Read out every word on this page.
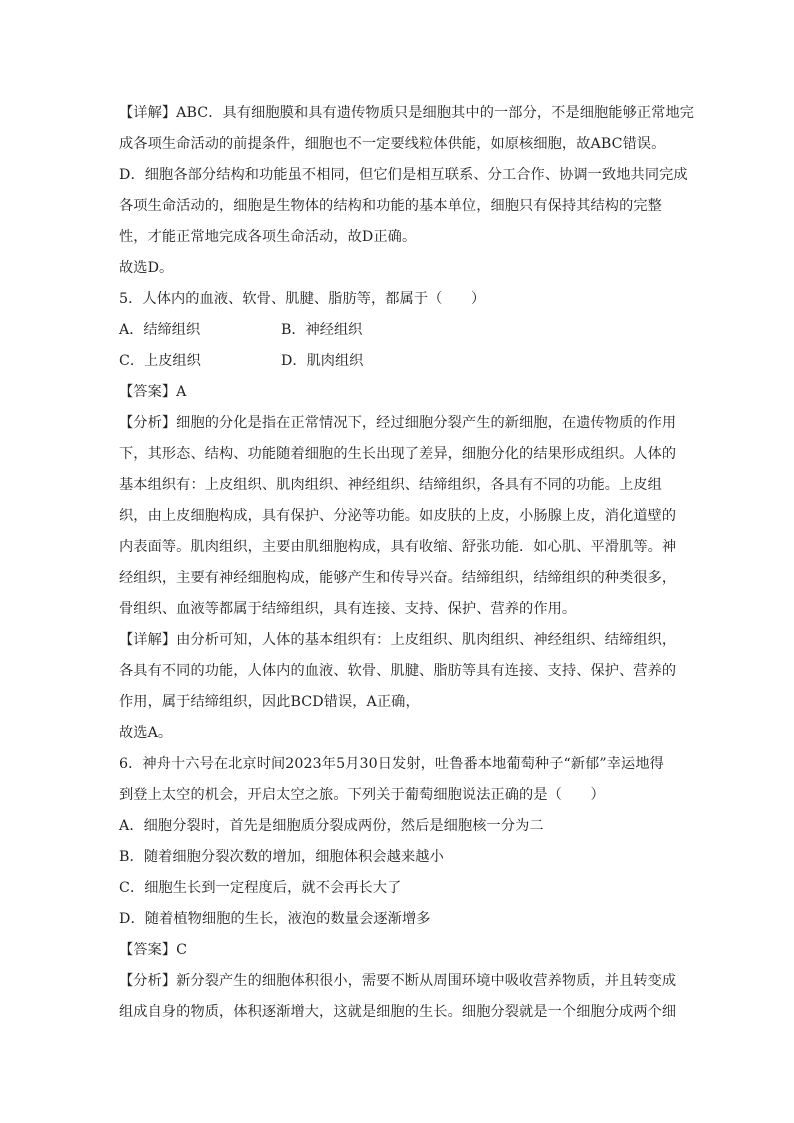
【详解】ABC．具有细胞膜和具有遗传物质只是细胞其中的一部分，不是细胞能够正常地完
成各项生命活动的前提条件，细胞也不一定要线粒体供能，如原核细胞，故ABC错误。
D．细胞各部分结构和功能虽不相同，但它们是相互联系、分工合作、协调一致地共同完成
各项生命活动的，细胞是生物体的结构和功能的基本单位，细胞只有保持其结构的完整
性，才能正常地完成各项生命活动，故D正确。
故选D。
5．人体内的血液、软骨、肌腱、脂肪等，都属于（　　）
A．结缔组织	B．神经组织
C．上皮组织	D．肌肉组织
【答案】A
【分析】细胞的分化是指在正常情况下，经过细胞分裂产生的新细胞，在遗传物质的作用
下，其形态、结构、功能随着细胞的生长出现了差异，细胞分化的结果形成组织。人体的
基本组织有：上皮组织、肌肉组织、神经组织、结缔组织，各具有不同的功能。上皮组
织，由上皮细胞构成，具有保护、分泌等功能。如皮肤的上皮，小肠腺上皮，消化道壁的
内表面等。肌肉组织，主要由肌细胞构成，具有收缩、舒张功能．如心肌、平滑肌等。神
经组织，主要有神经细胞构成，能够产生和传导兴奋。结缔组织，结缔组织的种类很多，
骨组织、血液等都属于结缔组织，具有连接、支持、保护、营养的作用。
【详解】由分析可知，人体的基本组织有：上皮组织、肌肉组织、神经组织、结缔组织，
各具有不同的功能，人体内的血液、软骨、肌腱、脂肪等具有连接、支持、保护、营养的
作用，属于结缔组织，因此BCD错误，A正确，
故选A。
6．神舟十六号在北京时间2023年5月30日发射，吐鲁番本地葡萄种子“新郁”幸运地得
到登上太空的机会，开启太空之旅。下列关于葡萄细胞说法正确的是（　　）
A．细胞分裂时，首先是细胞质分裂成两份，然后是细胞核一分为二
B．随着细胞分裂次数的增加，细胞体积会越来越小
C．细胞生长到一定程度后，就不会再长大了
D．随着植物细胞的生长，液泡的数量会逐渐增多
【答案】C
【分析】新分裂产生的细胞体积很小，需要不断从周围环境中吸收营养物质，并且转变成
组成自身的物质，体积逐渐增大，这就是细胞的生长。细胞分裂就是一个细胞分成两个细
